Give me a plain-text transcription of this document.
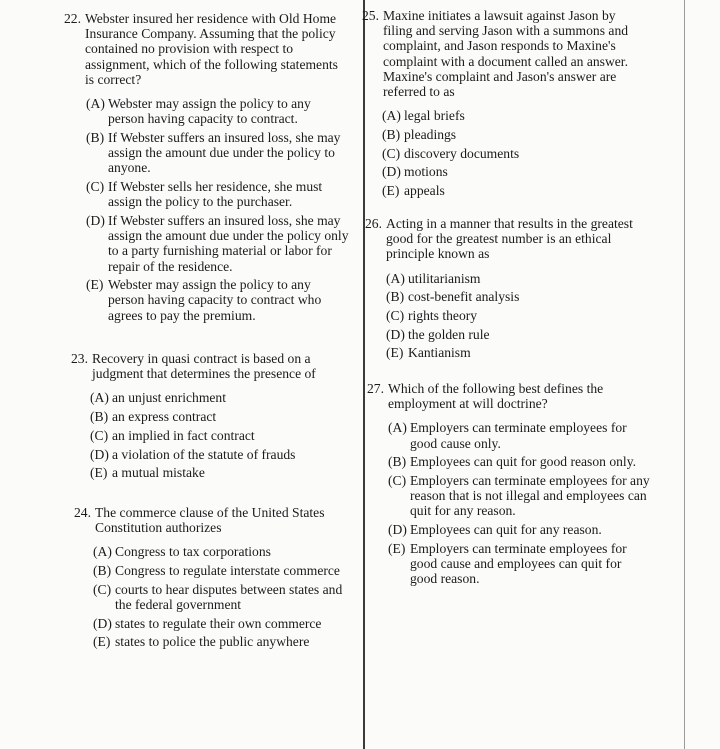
22. Webster insured her residence with Old Home Insurance Company. Assuming that the policy contained no provision with respect to assignment, which of the following statements is correct?
(A) Webster may assign the policy to any person having capacity to contract.
(B) If Webster suffers an insured loss, she may assign the amount due under the policy to anyone.
(C) If Webster sells her residence, she must assign the policy to the purchaser.
(D) If Webster suffers an insured loss, she may assign the amount due under the policy only to a party furnishing material or labor for repair of the residence.
(E) Webster may assign the policy to any person having capacity to contract who agrees to pay the premium.
23. Recovery in quasi contract is based on a judgment that determines the presence of
(A) an unjust enrichment
(B) an express contract
(C) an implied in fact contract
(D) a violation of the statute of frauds
(E) a mutual mistake
24. The commerce clause of the United States Constitution authorizes
(A) Congress to tax corporations
(B) Congress to regulate interstate commerce
(C) courts to hear disputes between states and the federal government
(D) states to regulate their own commerce
(E) states to police the public anywhere
25. Maxine initiates a lawsuit against Jason by filing and serving Jason with a summons and complaint, and Jason responds to Maxine's complaint with a document called an answer. Maxine's complaint and Jason's answer are referred to as
(A) legal briefs
(B) pleadings
(C) discovery documents
(D) motions
(E) appeals
26. Acting in a manner that results in the greatest good for the greatest number is an ethical principle known as
(A) utilitarianism
(B) cost-benefit analysis
(C) rights theory
(D) the golden rule
(E) Kantianism
27. Which of the following best defines the employment at will doctrine?
(A) Employers can terminate employees for good cause only.
(B) Employees can quit for good reason only.
(C) Employers can terminate employees for any reason that is not illegal and employees can quit for any reason.
(D) Employees can quit for any reason.
(E) Employers can terminate employees for good cause and employees can quit for good reason.
